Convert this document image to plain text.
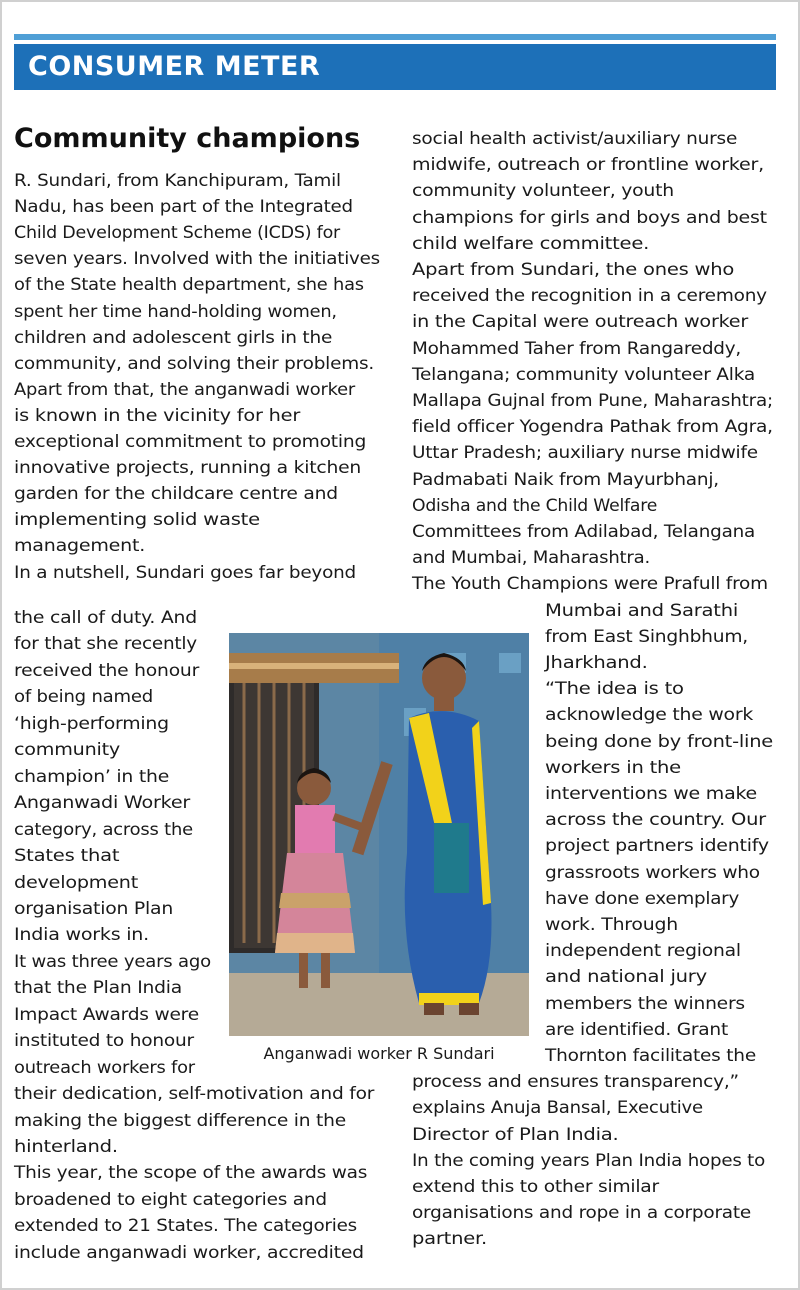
CONSUMER METER
Community champions
R. Sundari, from Kanchipuram, Tamil
Nadu, has been part of the Integrated
Child Development Scheme (ICDS) for
seven years. Involved with the initiatives
of the State health department, she has
spent her time hand-holding women,
children and adolescent girls in the
community, and solving their problems.
Apart from that, the anganwadi worker
is known in the vicinity for her
exceptional commitment to promoting
innovative projects, running a kitchen
garden for the childcare centre and
implementing solid waste
management.
In a nutshell, Sundari goes far beyond
the call of duty. And
for that she recently
received the honour
of being named
‘high-performing
community
champion’ in the
Anganwadi Worker
category, across the
States that
development
organisation Plan
India works in.
It was three years ago
that the Plan India
Impact Awards were
instituted to honour
outreach workers for
their dedication, self-motivation and for
making the biggest difference in the
hinterland.
This year, the scope of the awards was
broadened to eight categories and
extended to 21 States. The categories
include anganwadi worker, accredited
social health activist/auxiliary nurse
midwife, outreach or frontline worker,
community volunteer, youth
champions for girls and boys and best
child welfare committee.
Apart from Sundari, the ones who
received the recognition in a ceremony
in the Capital were outreach worker
Mohammed Taher from Rangareddy,
Telangana; community volunteer Alka
Mallapa Gujnal from Pune, Maharashtra;
field officer Yogendra Pathak from Agra,
Uttar Pradesh; auxiliary nurse midwife
Padmabati Naik from Mayurbhanj,
Odisha and the Child Welfare
Committees from Adilabad, Telangana
and Mumbai, Maharashtra.
The Youth Champions were Prafull from
Mumbai and Sarathi
from East Singhbhum,
Jharkhand.
“The idea is to
acknowledge the work
being done by front-line
workers in the
interventions we make
across the country. Our
project partners identify
grassroots workers who
have done exemplary
work. Through
independent regional
and national jury
members the winners
are identified. Grant
Thornton facilitates the
process and ensures transparency,”
explains Anuja Bansal, Executive
Director of Plan India.
In the coming years Plan India hopes to
extend this to other similar
organisations and rope in a corporate
partner.
Anganwadi worker R Sundari
